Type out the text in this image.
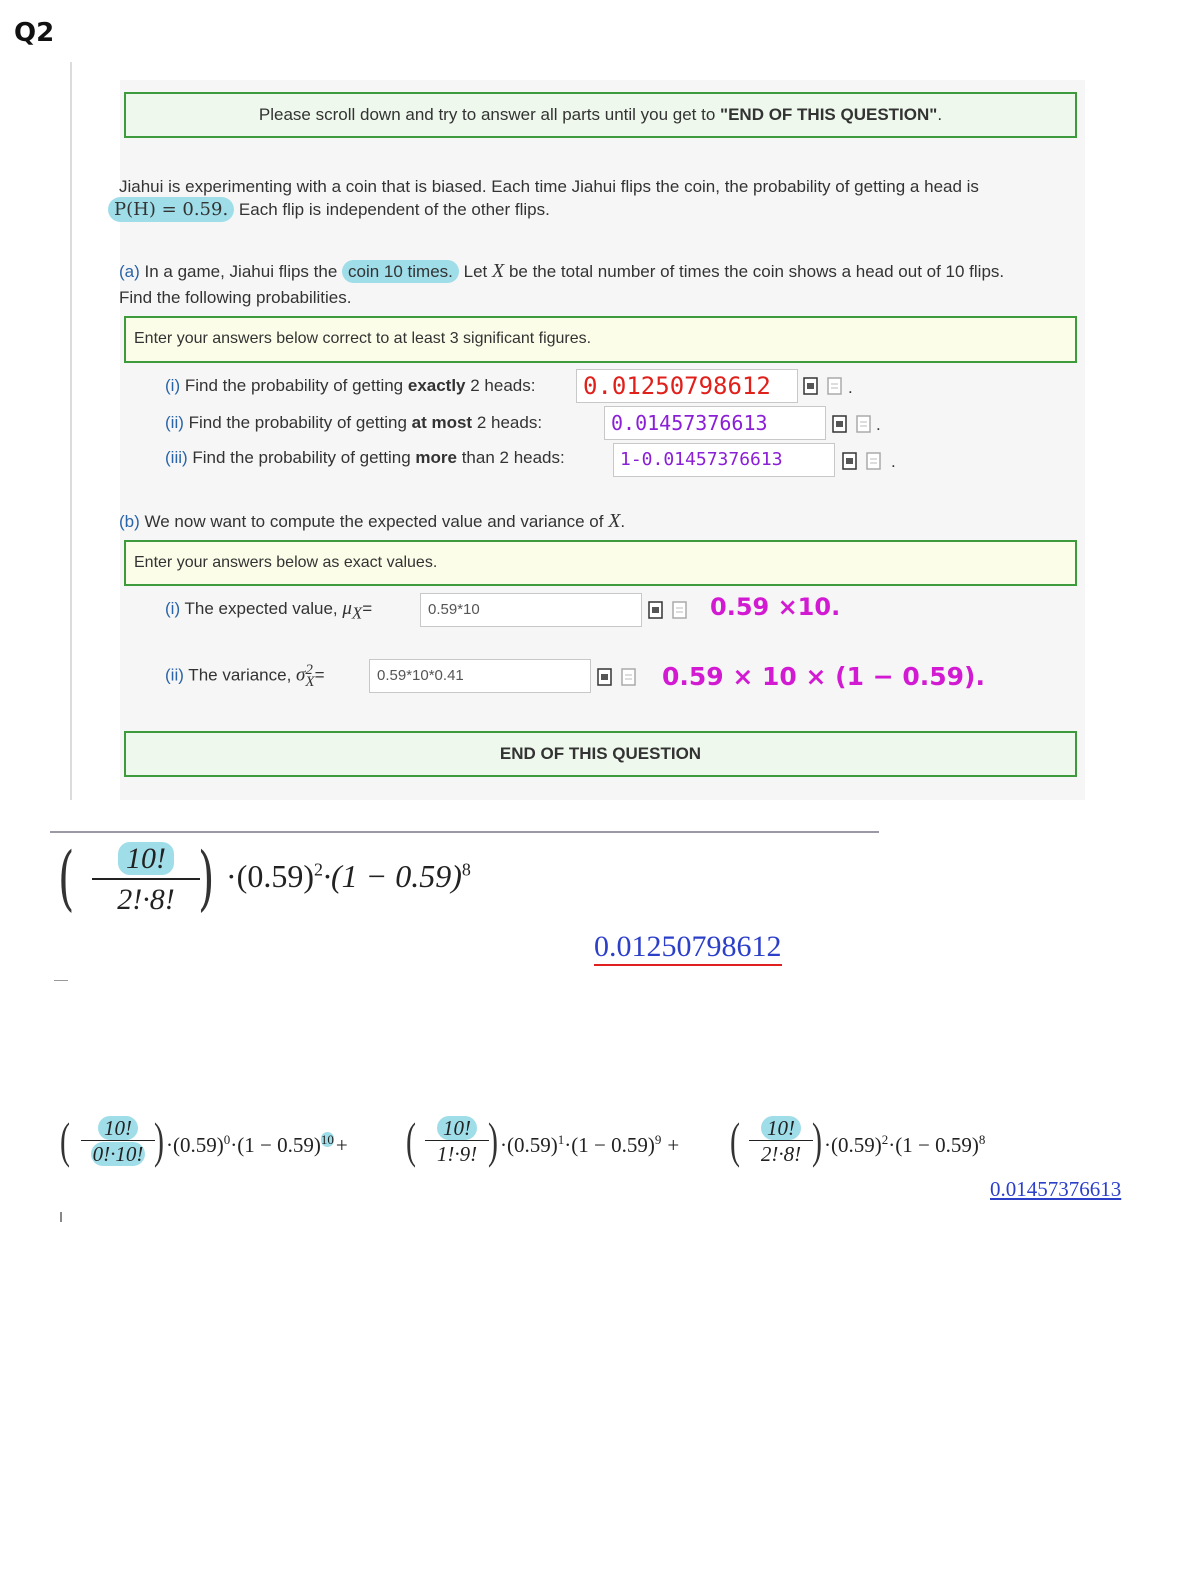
Q2
Please scroll down and try to answer all parts until you get to "END OF THIS QUESTION".
Jiahui is experimenting with a coin that is biased. Each time Jiahui flips the coin, the probability of getting a head is
P(H) = 0.59. Each flip is independent of the other flips.
(a) In a game, Jiahui flips the coin 10 times. Let X be the total number of times the coin shows a head out of 10 flips.
Find the following probabilities.
Enter your answers below correct to at least 3 significant figures.
(i) Find the probability of getting exactly 2 heads: 0.01250798612	.
(ii) Find the probability of getting at most 2 heads:	0.01457376613	.
(iii) Find the probability of getting more than 2 heads:	1-0.01457376613	.
(b) We now want to compute the expected value and variance of X.
Enter your answers below as exact values.
(i) The expected value, $\mu_X=$	0.59*10	0.59 ×10.
(ii) The variance, σ 2
X =	0.59*10*0.41	0.59 × 10 × (1 − 0.59).
END OF THIS QUESTION
(	10!
2!·8! ) $\cdot(0.59)^2\cdot(1 - 0.59)^8$
0.01250798612
(	10!
0!·10! ) $\cdot(0.59)^0\cdot(1 - 0.59)^{10}+$ (	10!
1!·9! ) $\cdot(0.59)^1\cdot(1 - 0.59)^9$ + (	10!
2!·8! ) $\cdot(0.59)^2\cdot(1 - 0.59)^8$
0.01457376613
